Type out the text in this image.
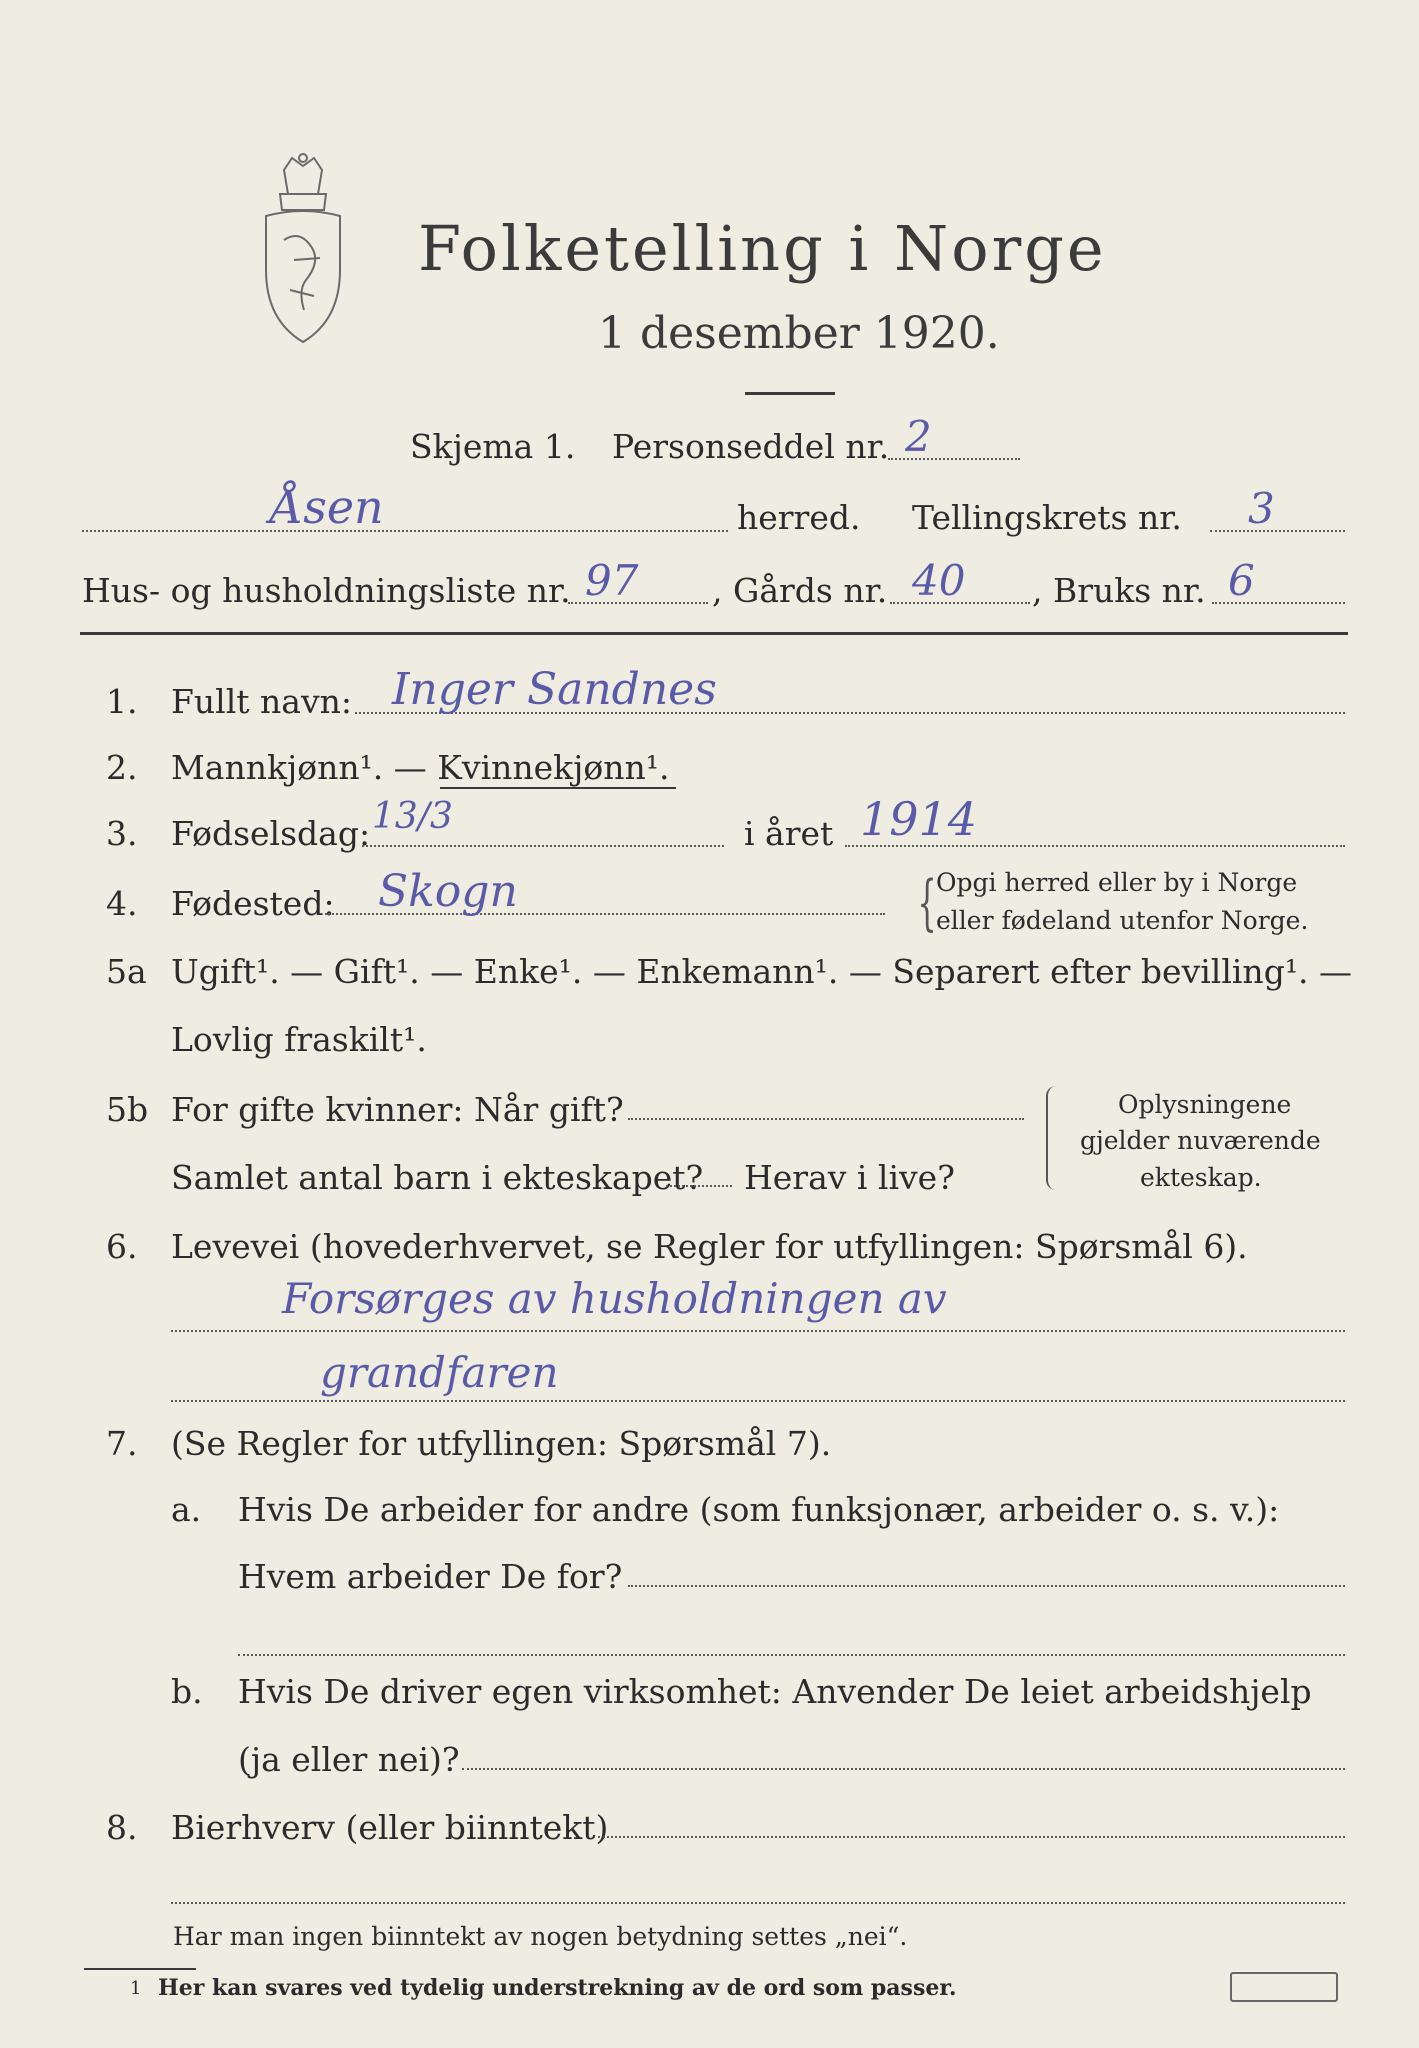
Folketelling i Norge
1 desember 1920.
Skjema 1. Personseddel nr. 2
Åsen	herred. Tellingskrets nr. 3
Hus- og husholdningsliste nr. 97 , Gårds nr. 40 , Bruks nr. 6
1. Fullt navn: Inger Sandnes
2. Mannkjønn¹. — Kvinnekjønn¹.
3. Fødselsdag: 13/3	i året 1914
4. Fødested: Skogn	{ Opgi herred eller by i Norge
eller fødeland utenfor Norge.
5a Ugift¹. — Gift¹. — Enke¹. — Enkemann¹. — Separert efter bevilling¹. —
Lovlig fraskilt¹.
5b For gifte kvinner: Når gift?
Samlet antal barn i ekteskapet? Herav i live?
Oplysningene
gjelder nuværende
ekteskap.
6. Levevei (hovederhvervet, se Regler for utfyllingen: Spørsmål 6).
Forsørges av husholdningen av
grandfaren
7. (Se Regler for utfyllingen: Spørsmål 7).
a. Hvis De arbeider for andre (som funksjonær, arbeider o. s. v.):
Hvem arbeider De for?
b. Hvis De driver egen virksomhet: Anvender De leiet arbeidshjelp
(ja eller nei)?
8. Bierhverv (eller biinntekt)
Har man ingen biinntekt av nogen betydning settes „nei“.
1 Her kan svares ved tydelig understrekning av de ord som passer.
